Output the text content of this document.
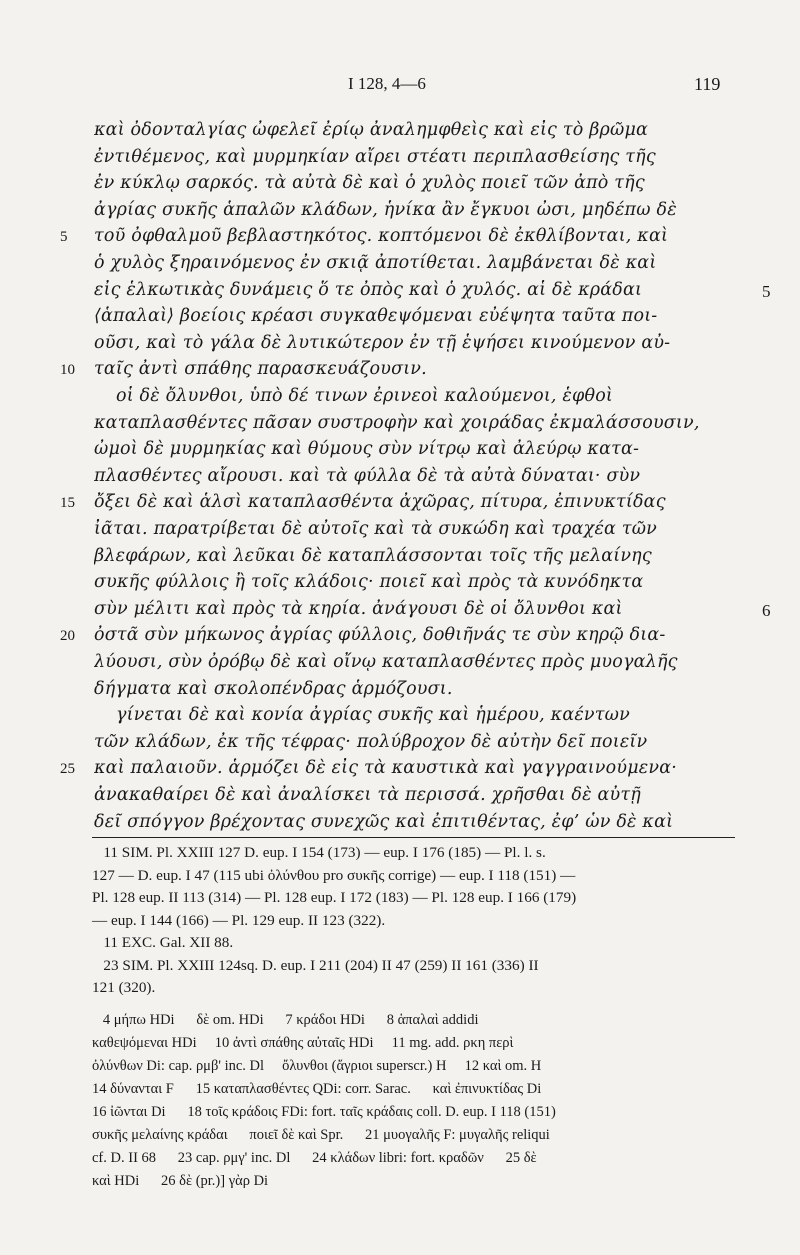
I 128, 4—6	119
καὶ ὀδονταλγίας ὠφελεῖ ἐρίῳ ἀναλημφθεὶς καὶ εἰς τὸ βρῶμα
ἐντιθέμενος, καὶ μυρμηκίαν αἴρει στέατι περιπλασθείσης τῆς
ἐν κύκλῳ σαρκός. τὰ αὐτὰ δὲ καὶ ὁ χυλὸς ποιεῖ τῶν ἀπὸ τῆς
ἀγρίας συκῆς ἁπαλῶν κλάδων, ἡνίκα ἂν ἔγκυοι ὦσι, μηδέπω δὲ
5	τοῦ ὀφθαλμοῦ βεβλαστηκότος. κοπτόμενοι δὲ ἐκθλίβονται, καὶ
ὁ χυλὸς ξηραινόμενος ἐν σκιᾷ ἀποτίθεται. λαμβάνεται δὲ καὶ
εἰς ἑλκωτικὰς δυνάμεις ὅ τε ὀπὸς καὶ ὁ χυλός. αἱ δὲ κράδαι	5
⟨ἁπαλαὶ⟩ βοείοις κρέασι συγκαθεψόμεναι εὐέψητα ταῦτα ποι-
οῦσι, καὶ τὸ γάλα δὲ λυτικώτερον ἐν τῇ ἑψήσει κινούμενον αὐ-
10	ταῖς ἀντὶ σπάθης παρασκευάζουσιν.
οἱ δὲ ὄλυνθοι, ὑπὸ δέ τινων ἐρινεοὶ καλούμενοι, ἑφθοὶ
καταπλασθέντες πᾶσαν συστροφὴν καὶ χοιράδας ἐκμαλάσσουσιν,
ὠμοὶ δὲ μυρμηκίας καὶ θύμους σὺν νίτρῳ καὶ ἀλεύρῳ κατα-
πλασθέντες αἴρουσι. καὶ τὰ φύλλα δὲ τὰ αὐτὰ δύναται· σὺν
15	ὄξει δὲ καὶ ἁλσὶ καταπλασθέντα ἀχῶρας, πίτυρα, ἐπινυκτίδας
ἰᾶται. παρατρίβεται δὲ αὐτοῖς καὶ τὰ συκώδη καὶ τραχέα τῶν
βλεφάρων, καὶ λεῦκαι δὲ καταπλάσσονται τοῖς τῆς μελαίνης
συκῆς φύλλοις ἢ τοῖς κλάδοις· ποιεῖ καὶ πρὸς τὰ κυνόδηκτα
σὺν μέλιτι καὶ πρὸς τὰ κηρία. ἀνάγουσι δὲ οἱ ὄλυνθοι καὶ	6
20	ὀστᾶ σὺν μήκωνος ἀγρίας φύλλοις, δοθιῆνάς τε σὺν κηρῷ δια-
λύουσι, σὺν ὀρόβῳ δὲ καὶ οἴνῳ καταπλασθέντες πρὸς μυογαλῆς
δήγματα καὶ σκολοπένδρας ἁρμόζουσι.
γίνεται δὲ καὶ κονία ἀγρίας συκῆς καὶ ἡμέρου, καέντων
τῶν κλάδων, ἐκ τῆς τέφρας· πολύβροχον δὲ αὐτὴν δεῖ ποιεῖν
25	καὶ παλαιοῦν. ἁρμόζει δὲ εἰς τὰ καυστικὰ καὶ γαγγραινούμενα·
ἀνακαθαίρει δὲ καὶ ἀναλίσκει τὰ περισσά. χρῆσθαι δὲ αὐτῇ
δεῖ σπόγγον βρέχοντας συνεχῶς καὶ ἐπιτιθέντας, ἐφ’ ὧν δὲ καὶ
11 SIM. Pl. XXIII 127 D. eup. I 154 (173) — eup. I 176 (185) — Pl. l. s.
127 — D. eup. I 47 (115 ubi ὀλύνθου pro συκῆς corrige) — eup. I 118 (151) —
Pl. 128 eup. II 113 (314) — Pl. 128 eup. I 172 (183) — Pl. 128 eup. I 166 (179)
— eup. I 144 (166) — Pl. 129 eup. II 123 (322).
11 EXC. Gal. XII 88.
23 SIM. Pl. XXIII 124sq. D. eup. I 211 (204) II 47 (259) II 161 (336) II
121 (320).
4 μήπω HDi      δὲ om. HDi      7 κράδοι HDi      8 ἁπαλαὶ addidi
καθεψόμεναι HDi     10 ἀντὶ σπάθης αὐταῖς HDi     11 mg. add. ρκη περὶ
ὀλύνθων Di: cap. ρμβ' inc. Dl     ὄλυνθοι (ἄγριοι superscr.) H     12 καὶ om. H
14 δύνανται F      15 καταπλασθέντες QDi: corr. Sarac.      καὶ ἐπινυκτίδας Di
16 ἰῶνται Di      18 τοῖς κράδοις FDi: fort. ταῖς κράδαις coll. D. eup. I 118 (151)
συκῆς μελαίνης κράδαι      ποιεῖ δὲ καὶ Spr.      21 μυογαλῆς F: μυγαλῆς reliqui
cf. D. II 68      23 cap. ρμγ' inc. Dl      24 κλάδων libri: fort. κραδῶν      25 δὲ
καὶ HDi      26 δὲ (pr.)] γὰρ Di
